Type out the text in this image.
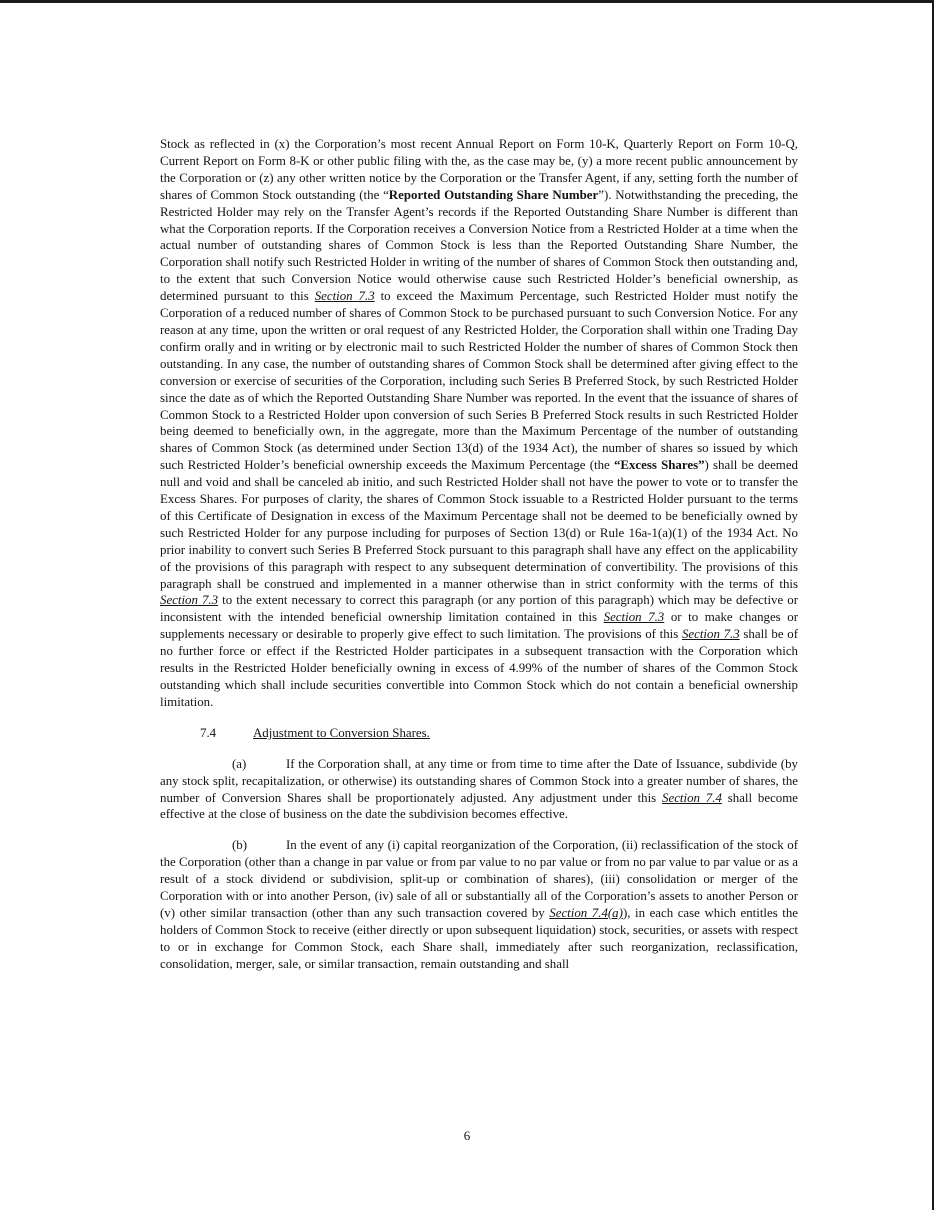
Stock as reflected in (x) the Corporation’s most recent Annual Report on Form 10-K, Quarterly Report on Form 10-Q, Current Report on Form 8-K or other public filing with the, as the case may be, (y) a more recent public announcement by the Corporation or (z) any other written notice by the Corporation or the Transfer Agent, if any, setting forth the number of shares of Common Stock outstanding (the “Reported Outstanding Share Number”). Notwithstanding the preceding, the Restricted Holder may rely on the Transfer Agent’s records if the Reported Outstanding Share Number is different than what the Corporation reports. If the Corporation receives a Conversion Notice from a Restricted Holder at a time when the actual number of outstanding shares of Common Stock is less than the Reported Outstanding Share Number, the Corporation shall notify such Restricted Holder in writing of the number of shares of Common Stock then outstanding and, to the extent that such Conversion Notice would otherwise cause such Restricted Holder’s beneficial ownership, as determined pursuant to this Section 7.3 to exceed the Maximum Percentage, such Restricted Holder must notify the Corporation of a reduced number of shares of Common Stock to be purchased pursuant to such Conversion Notice. For any reason at any time, upon the written or oral request of any Restricted Holder, the Corporation shall within one Trading Day confirm orally and in writing or by electronic mail to such Restricted Holder the number of shares of Common Stock then outstanding. In any case, the number of outstanding shares of Common Stock shall be determined after giving effect to the conversion or exercise of securities of the Corporation, including such Series B Preferred Stock, by such Restricted Holder since the date as of which the Reported Outstanding Share Number was reported. In the event that the issuance of shares of Common Stock to a Restricted Holder upon conversion of such Series B Preferred Stock results in such Restricted Holder being deemed to beneficially own, in the aggregate, more than the Maximum Percentage of the number of outstanding shares of Common Stock (as determined under Section 13(d) of the 1934 Act), the number of shares so issued by which such Restricted Holder’s beneficial ownership exceeds the Maximum Percentage (the “Excess Shares”) shall be deemed null and void and shall be canceled ab initio, and such Restricted Holder shall not have the power to vote or to transfer the Excess Shares. For purposes of clarity, the shares of Common Stock issuable to a Restricted Holder pursuant to the terms of this Certificate of Designation in excess of the Maximum Percentage shall not be deemed to be beneficially owned by such Restricted Holder for any purpose including for purposes of Section 13(d) or Rule 16a-1(a)(1) of the 1934 Act. No prior inability to convert such Series B Preferred Stock pursuant to this paragraph shall have any effect on the applicability of the provisions of this paragraph with respect to any subsequent determination of convertibility. The provisions of this paragraph shall be construed and implemented in a manner otherwise than in strict conformity with the terms of this Section 7.3 to the extent necessary to correct this paragraph (or any portion of this paragraph) which may be defective or inconsistent with the intended beneficial ownership limitation contained in this Section 7.3 or to make changes or supplements necessary or desirable to properly give effect to such limitation. The provisions of this Section 7.3 shall be of no further force or effect if the Restricted Holder participates in a subsequent transaction with the Corporation which results in the Restricted Holder beneficially owning in excess of 4.99% of the number of shares of the Common Stock outstanding which shall include securities convertible into Common Stock which do not contain a beneficial ownership limitation.

7.4	Adjustment to Conversion Shares.

(a)	If the Corporation shall, at any time or from time to time after the Date of Issuance, subdivide (by any stock split, recapitalization, or otherwise) its outstanding shares of Common Stock into a greater number of shares, the number of Conversion Shares shall be proportionately adjusted. Any adjustment under this Section 7.4 shall become effective at the close of business on the date the subdivision becomes effective.

(b)	In the event of any (i) capital reorganization of the Corporation, (ii) reclassification of the stock of the Corporation (other than a change in par value or from par value to no par value or from no par value to par value or as a result of a stock dividend or subdivision, split-up or combination of shares), (iii) consolidation or merger of the Corporation with or into another Person, (iv) sale of all or substantially all of the Corporation’s assets to another Person or (v) other similar transaction (other than any such transaction covered by Section 7.4(a)), in each case which entitles the holders of Common Stock to receive (either directly or upon subsequent liquidation) stock, securities, or assets with respect to or in exchange for Common Stock, each Share shall, immediately after such reorganization, reclassification, consolidation, merger, sale, or similar transaction, remain outstanding and shall

6
